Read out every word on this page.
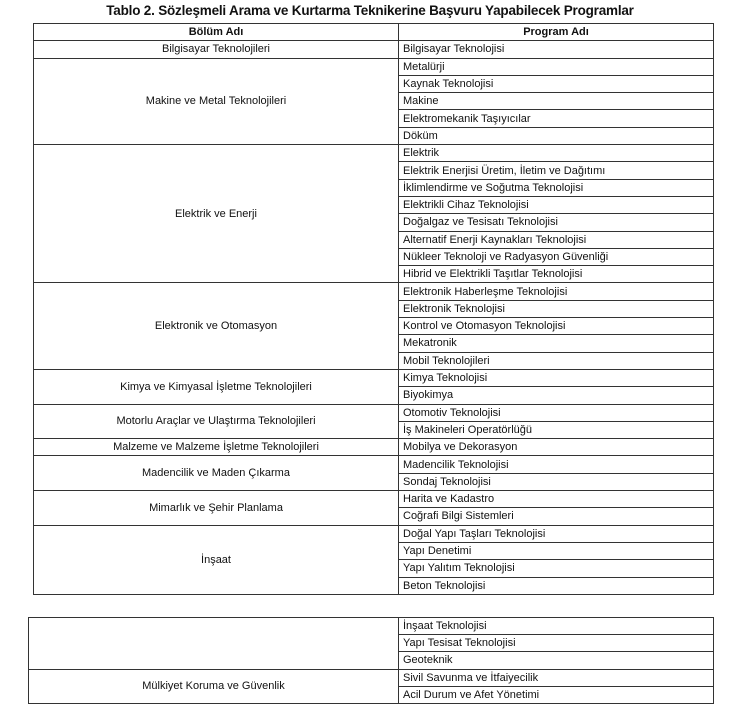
Tablo 2. Sözleşmeli Arama ve Kurtarma Teknikerine Başvuru Yapabilecek Programlar
Bölüm Adı	Program Adı
Bilgisayar Teknolojileri	Bilgisayar Teknolojisi
Makine ve Metal Teknolojileri	Metalürji
	Kaynak Teknolojisi
	Makine
	Elektromekanik Taşıyıcılar
	Döküm
Elektrik ve Enerji	Elektrik
	Elektrik Enerjisi Üretim, İletim ve Dağıtımı
	İklimlendirme ve Soğutma Teknolojisi
	Elektrikli Cihaz Teknolojisi
	Doğalgaz ve Tesisatı Teknolojisi
	Alternatif Enerji Kaynakları Teknolojisi
	Nükleer Teknoloji ve Radyasyon Güvenliği
	Hibrid ve Elektrikli Taşıtlar Teknolojisi
Elektronik ve Otomasyon	Elektronik Haberleşme Teknolojisi
	Elektronik Teknolojisi
	Kontrol ve Otomasyon Teknolojisi
	Mekatronik
	Mobil Teknolojileri
Kimya ve Kimyasal İşletme Teknolojileri	Kimya Teknolojisi
	Biyokimya
Motorlu Araçlar ve Ulaştırma Teknolojileri	Otomotiv Teknolojisi
	İş Makineleri Operatörlüğü
Malzeme ve Malzeme İşletme Teknolojileri	Mobilya ve Dekorasyon
Madencilik ve Maden Çıkarma	Madencilik Teknolojisi
	Sondaj Teknolojisi
Mimarlık ve Şehir Planlama	Harita ve Kadastro
	Coğrafi Bilgi Sistemleri
İnşaat	Doğal Yapı Taşları Teknolojisi
	Yapı Denetimi
	Yapı Yalıtım Teknolojisi
	Beton Teknolojisi
	İnşaat Teknolojisi
	Yapı Tesisat Teknolojisi
	Geoteknik
Mülkiyet Koruma ve Güvenlik	Sivil Savunma ve İtfaiyecilik
	Acil Durum ve Afet Yönetimi
